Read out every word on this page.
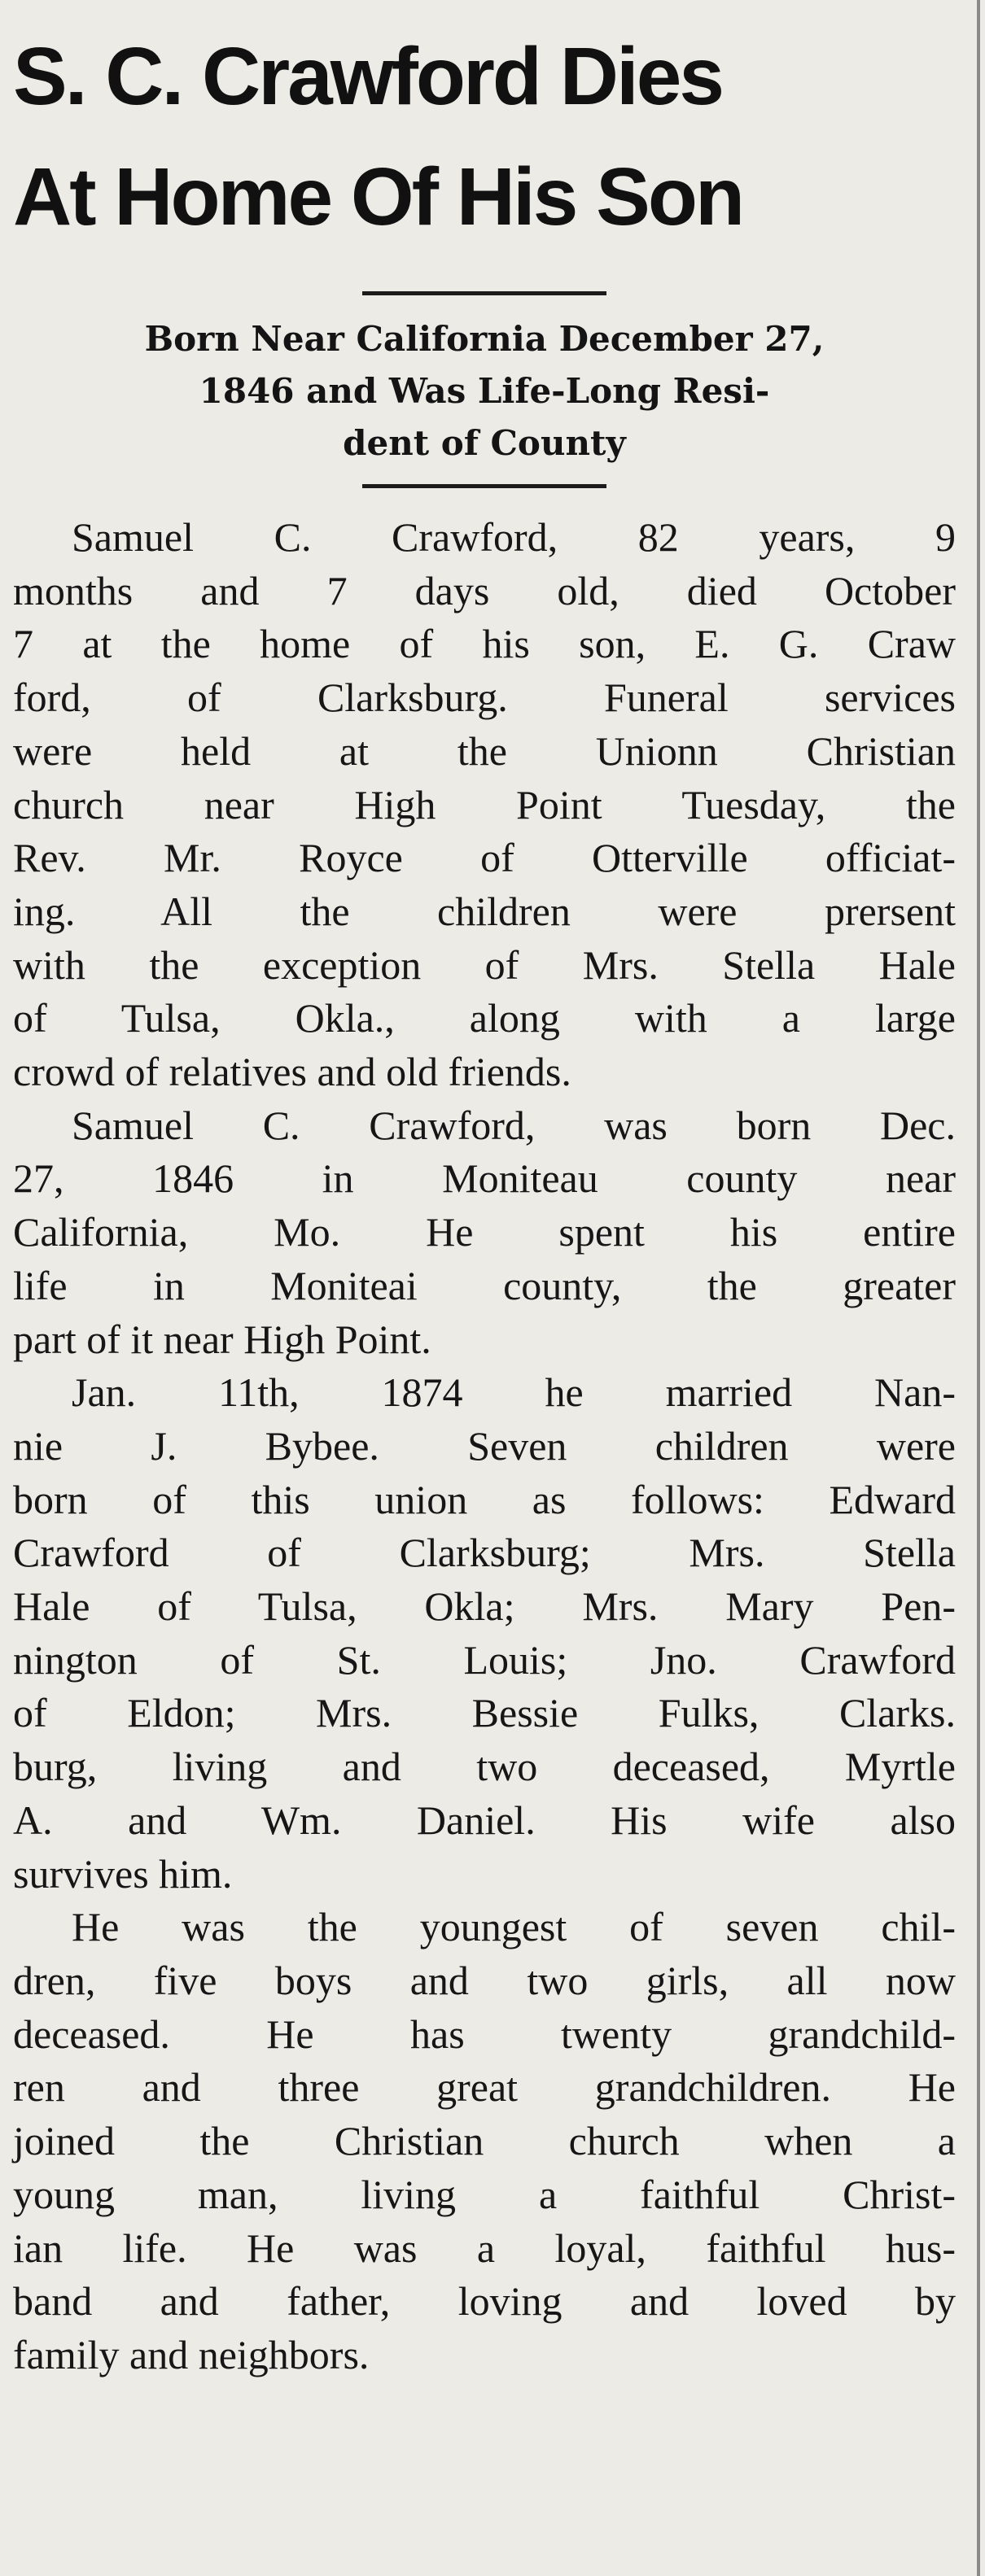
S. C. Crawford Dies
At Home Of His Son
Born Near California December 27,
1846 and Was Life-Long Resi-
dent of County

Samuel C. Crawford, 82 years, 9
months and 7 days old, died October
7 at the home of his son, E. G. Craw
ford, of Clarksburg. Funeral services
were held at the Unionn Christian
church near High Point Tuesday, the
Rev. Mr. Royce of Otterville officiat-
ing. All the children were prersent
with the exception of Mrs. Stella Hale
of Tulsa, Okla., along with a large
crowd of relatives and old friends.

Samuel C. Crawford, was born Dec.
27, 1846 in Moniteau county near
California, Mo. He spent his entire
life in Moniteai county, the greater
part of it near High Point.

Jan. 11th, 1874 he married Nan-
nie J. Bybee. Seven children were
born of this union as follows: Edward
Crawford of Clarksburg; Mrs. Stella
Hale of Tulsa, Okla; Mrs. Mary Pen-
nington of St. Louis; Jno. Crawford
of Eldon; Mrs. Bessie Fulks, Clarks.
burg, living and two deceased, Myrtle
A. and Wm. Daniel. His wife also
survives him.

He was the youngest of seven chil-
dren, five boys and two girls, all now
deceased. He has twenty grandchild-
ren and three great grandchildren. He
joined the Christian church when a
young man, living a faithful Christ-
ian life. He was a loyal, faithful hus-
band and father, loving and loved by
family and neighbors.
